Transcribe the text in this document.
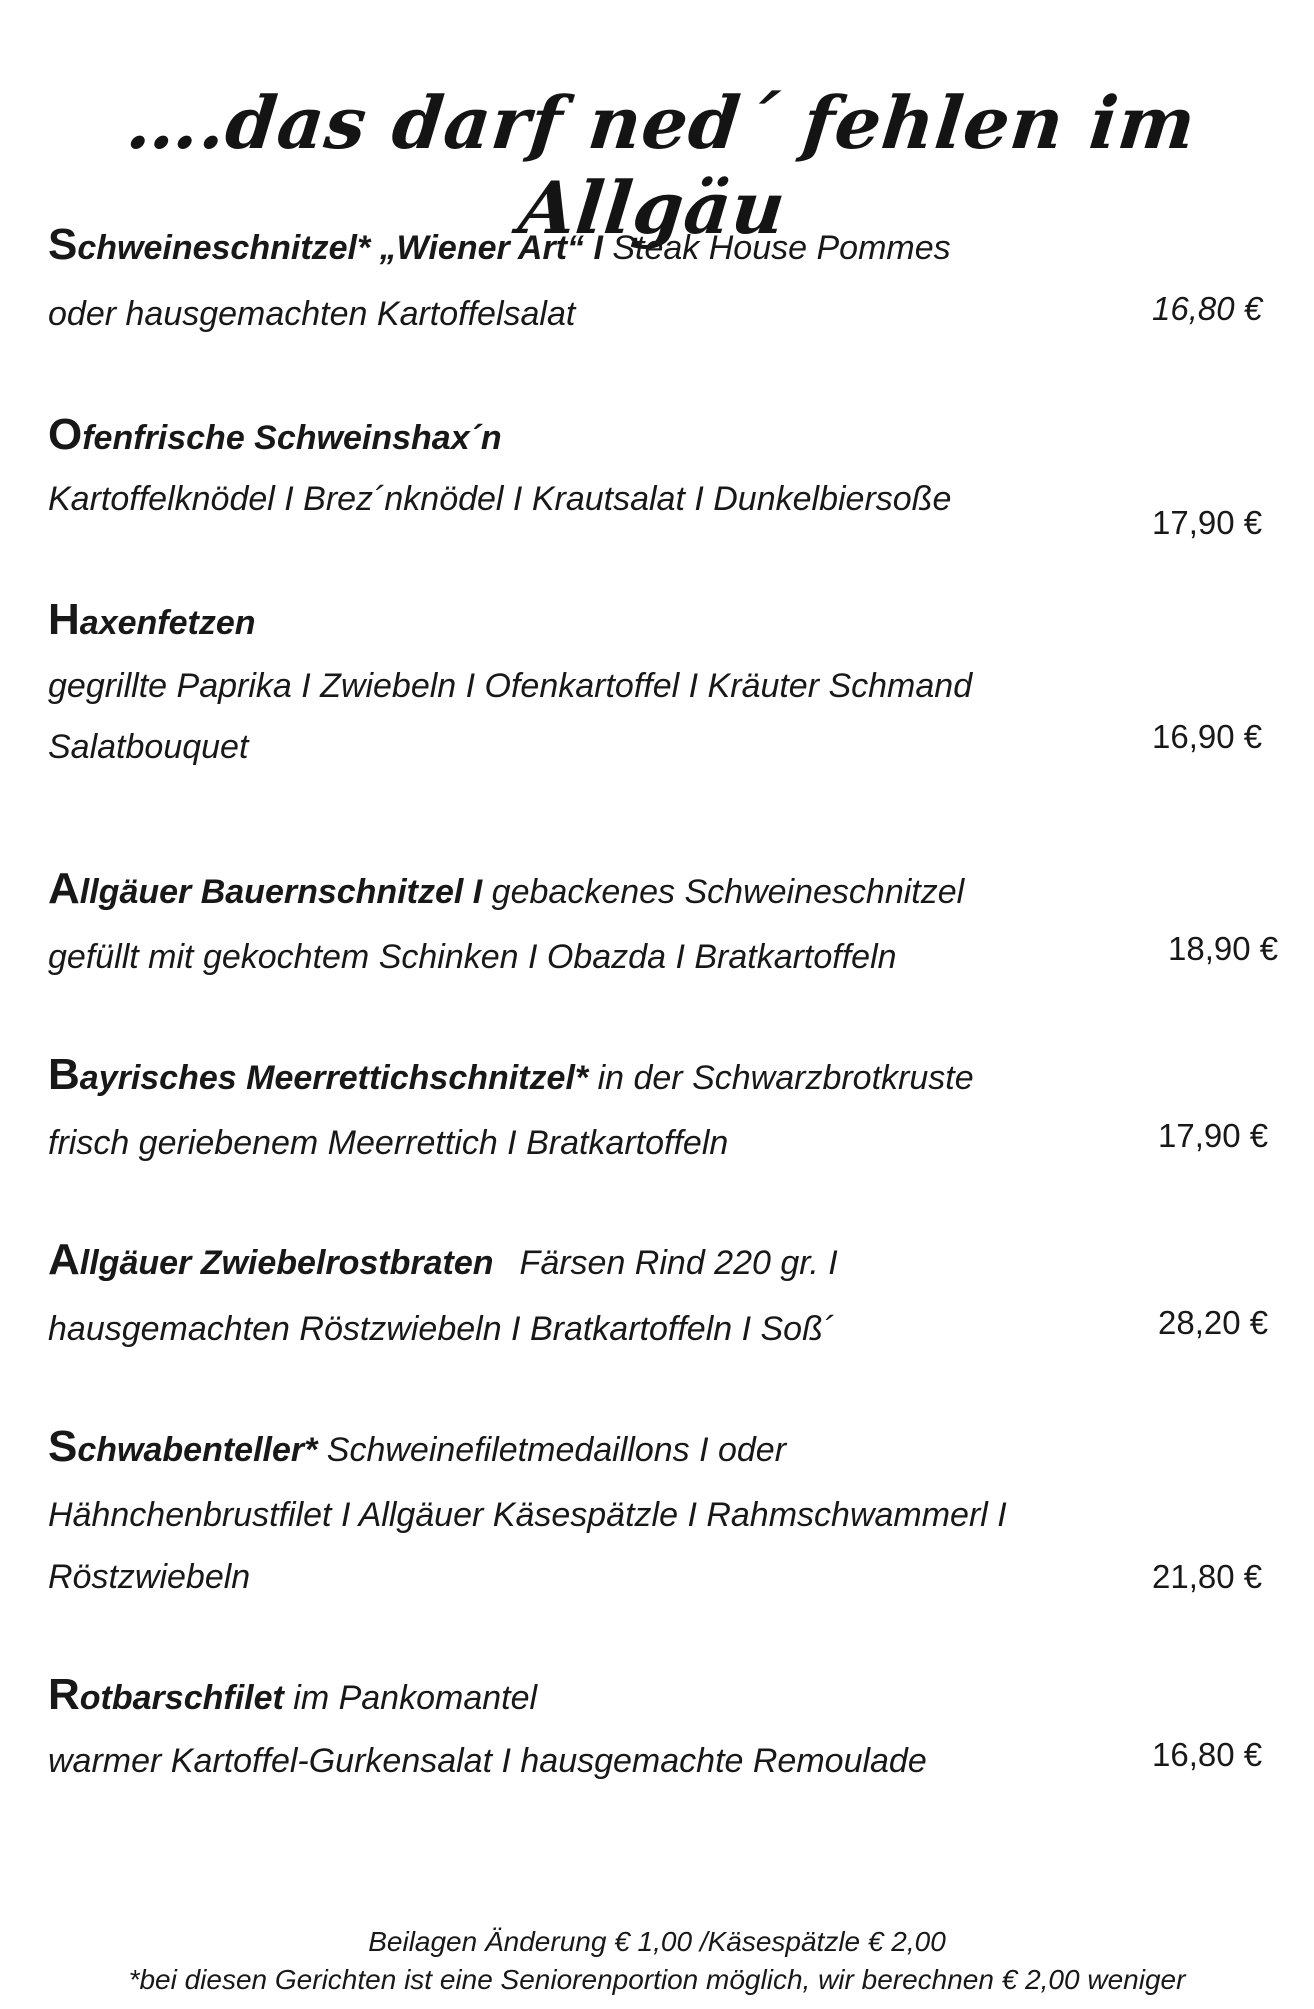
….das darf ned´ fehlen im Allgäu
Schweineschnitzel* „Wiener Art“ I Steak House Pommes
oder hausgemachten Kartoffelsalat	16,80 €
Ofenfrische Schweinshax´n
Kartoffelknödel I Brez´nknödel I Krautsalat I Dunkelbiersoße
17,90 €
Haxenfetzen
gegrillte Paprika I Zwiebeln I Ofenkartoffel I Kräuter Schmand
Salatbouquet	16,90 €
Allgäuer Bauernschnitzel I gebackenes Schweineschnitzel
gefüllt mit gekochtem Schinken I Obazda I Bratkartoffeln	18,90 €
Bayrisches Meerrettichschnitzel* in der Schwarzbrotkruste
frisch geriebenem Meerrettich I Bratkartoffeln	17,90 €
Allgäuer Zwiebelrostbraten Färsen Rind 220 gr. I
hausgemachten Röstzwiebeln I Bratkartoffeln I Soß´	28,20 €
Schwabenteller* Schweinefiletmedaillons I oder
Hähnchenbrustfilet I Allgäuer Käsespätzle I Rahmschwammerl I
Röstzwiebeln	21,80 €
Rotbarschfilet im Pankomantel
warmer Kartoffel-Gurkensalat I hausgemachte Remoulade	16,80 €
Beilagen Änderung € 1,00 /Käsespätzle € 2,00
*bei diesen Gerichten ist eine Seniorenportion möglich, wir berechnen € 2,00 weniger
